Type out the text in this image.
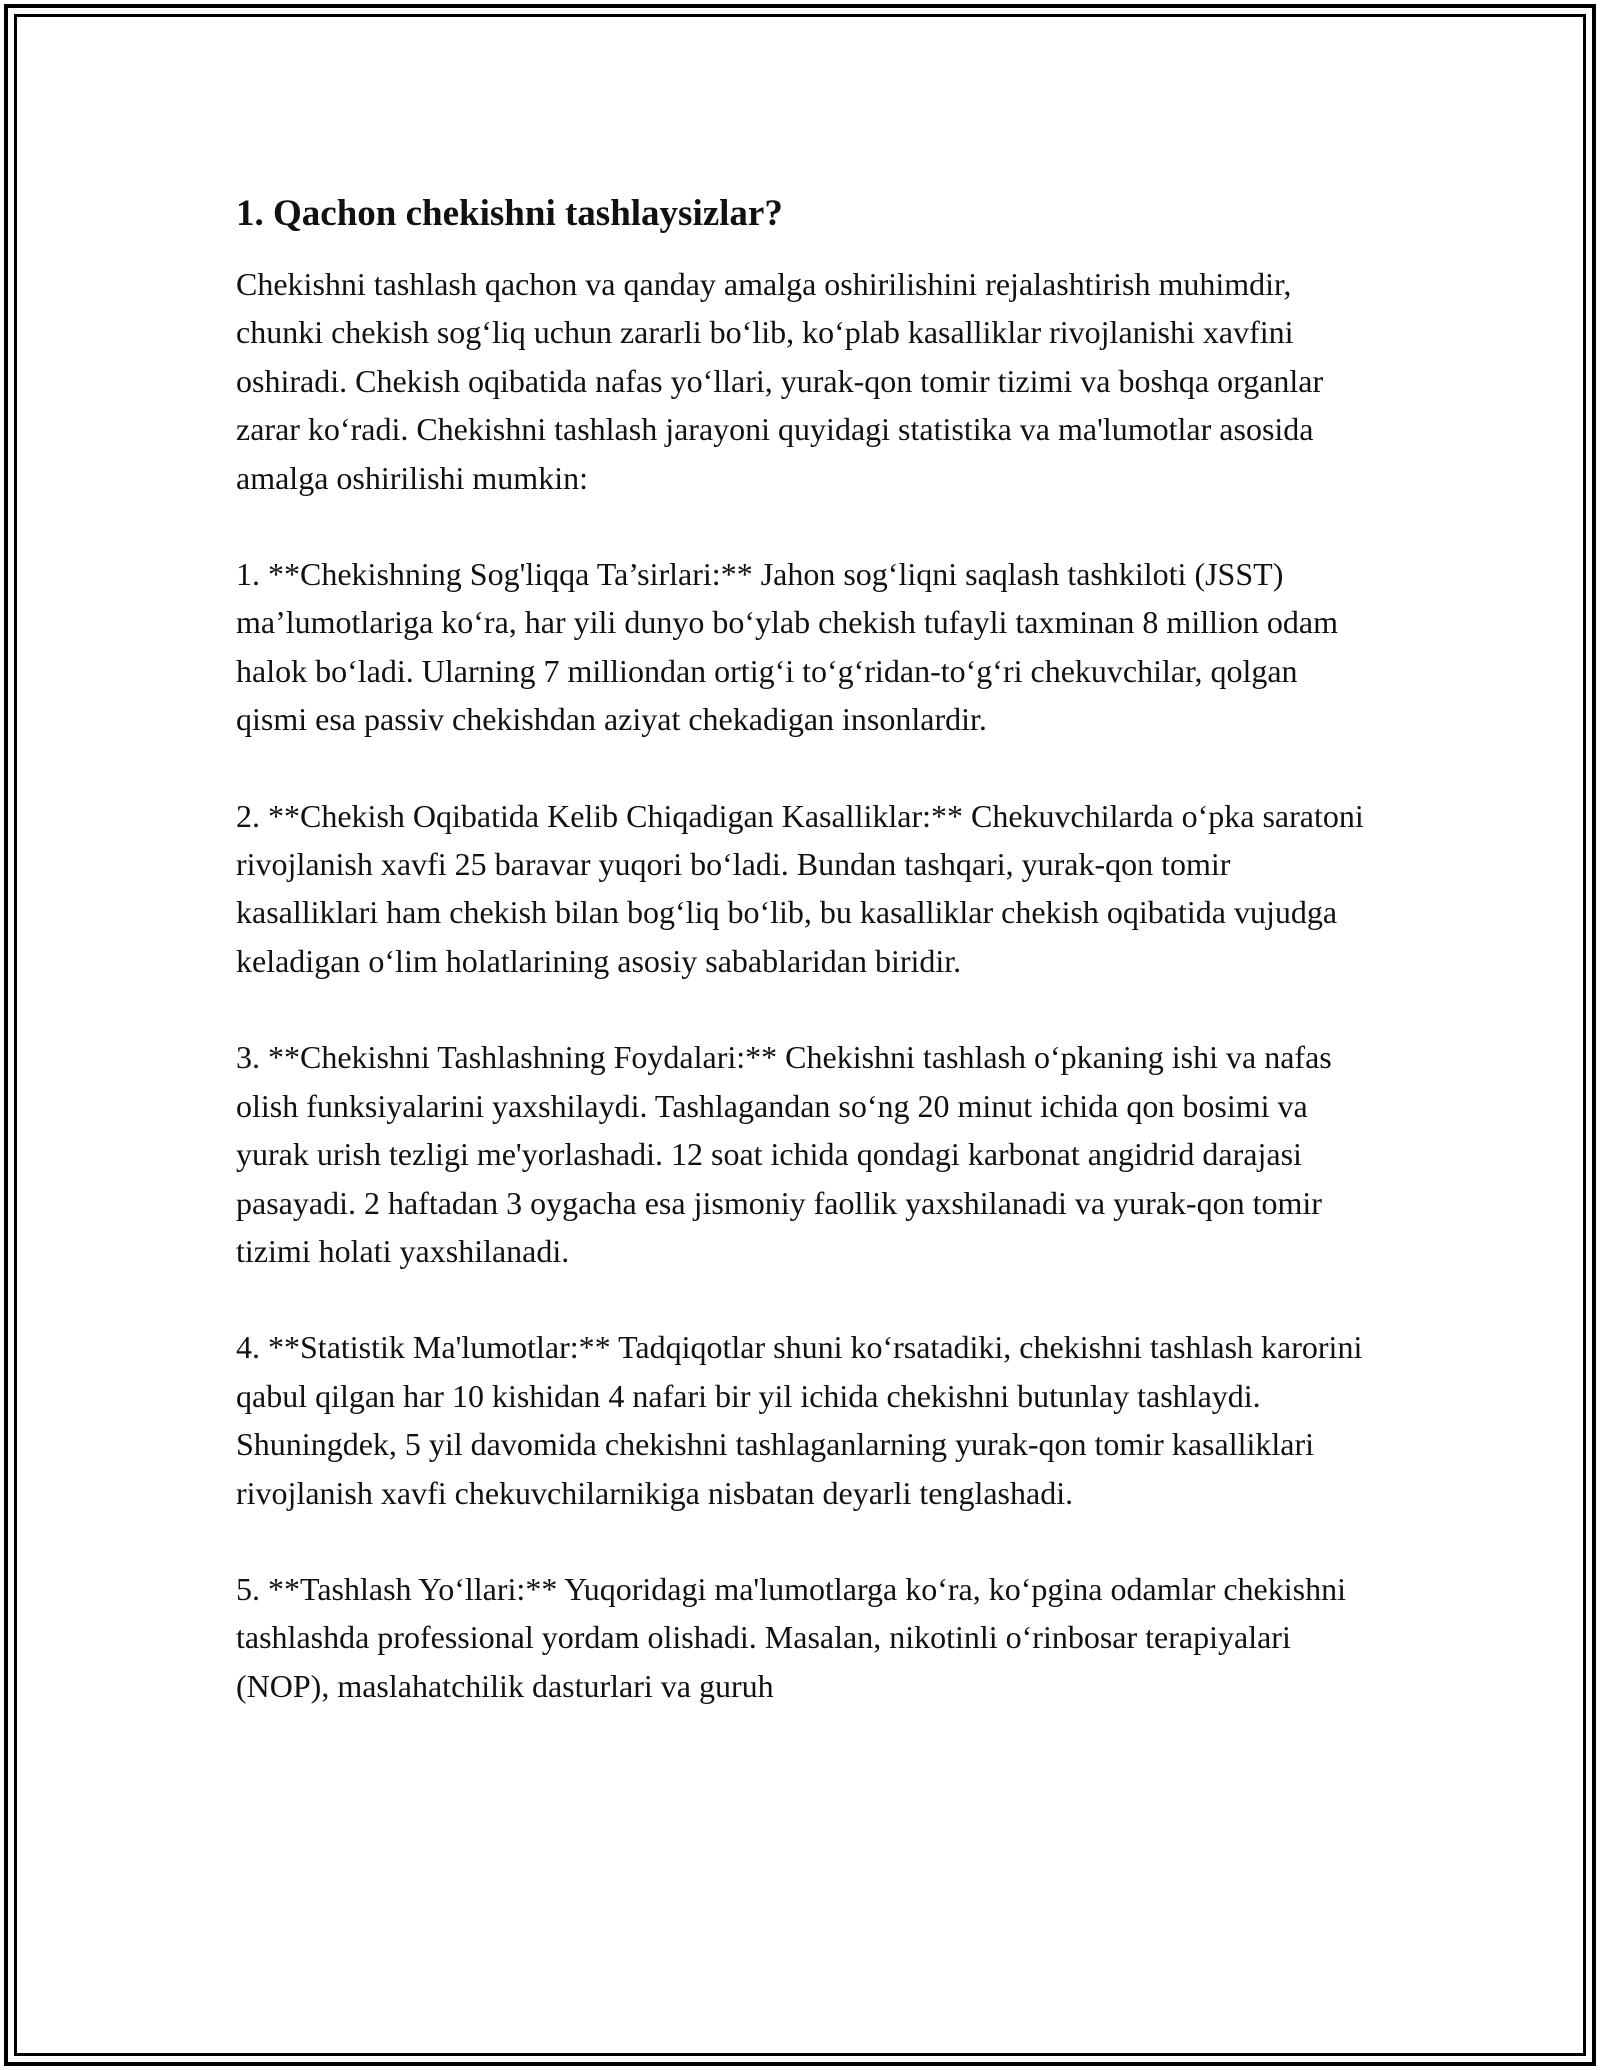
1. Qachon chekishni tashlaysizlar?

Chekishni tashlash qachon va qanday amalga oshirilishini rejalashtirish muhimdir, chunki chekish sog‘liq uchun zararli bo‘lib, ko‘plab kasalliklar rivojlanishi xavfini oshiradi. Chekish oqibatida nafas yo‘llari, yurak-qon tomir tizimi va boshqa organlar zarar ko‘radi. Chekishni tashlash jarayoni quyidagi statistika va ma'lumotlar asosida amalga oshirilishi mumkin:

1. **Chekishning Sog'liqqa Ta’sirlari:** Jahon sog‘liqni saqlash tashkiloti (JSST) ma’lumotlariga ko‘ra, har yili dunyo bo‘ylab chekish tufayli taxminan 8 million odam halok bo‘ladi. Ularning 7 milliondan ortig‘i to‘g‘ridan-to‘g‘ri chekuvchilar, qolgan qismi esa passiv chekishdan aziyat chekadigan insonlardir.

2. **Chekish Oqibatida Kelib Chiqadigan Kasalliklar:** Chekuvchilarda o‘pka saratoni rivojlanish xavfi 25 baravar yuqori bo‘ladi. Bundan tashqari, yurak-qon tomir kasalliklari ham chekish bilan bog‘liq bo‘lib, bu kasalliklar chekish oqibatida vujudga keladigan o‘lim holatlarining asosiy sabablaridan biridir.

3. **Chekishni Tashlashning Foydalari:** Chekishni tashlash o‘pkaning ishi va nafas olish funksiyalarini yaxshilaydi. Tashlagandan so‘ng 20 minut ichida qon bosimi va yurak urish tezligi me'yorlashadi. 12 soat ichida qondagi karbonat angidrid darajasi pasayadi. 2 haftadan 3 oygacha esa jismoniy faollik yaxshilanadi va yurak-qon tomir tizimi holati yaxshilanadi.

4. **Statistik Ma'lumotlar:** Tadqiqotlar shuni ko‘rsatadiki, chekishni tashlash karorini qabul qilgan har 10 kishidan 4 nafari bir yil ichida chekishni butunlay tashlaydi. Shuningdek, 5 yil davomida chekishni tashlaganlarning yurak-qon tomir kasalliklari rivojlanish xavfi chekuvchilarnikiga nisbatan deyarli tenglashadi.

5. **Tashlash Yo‘llari:** Yuqoridagi ma'lumotlarga ko‘ra, ko‘pgina odamlar chekishni tashlashda professional yordam olishadi. Masalan, nikotinli o‘rinbosar terapiyalari (NOP), maslahatchilik dasturlari va guruh
